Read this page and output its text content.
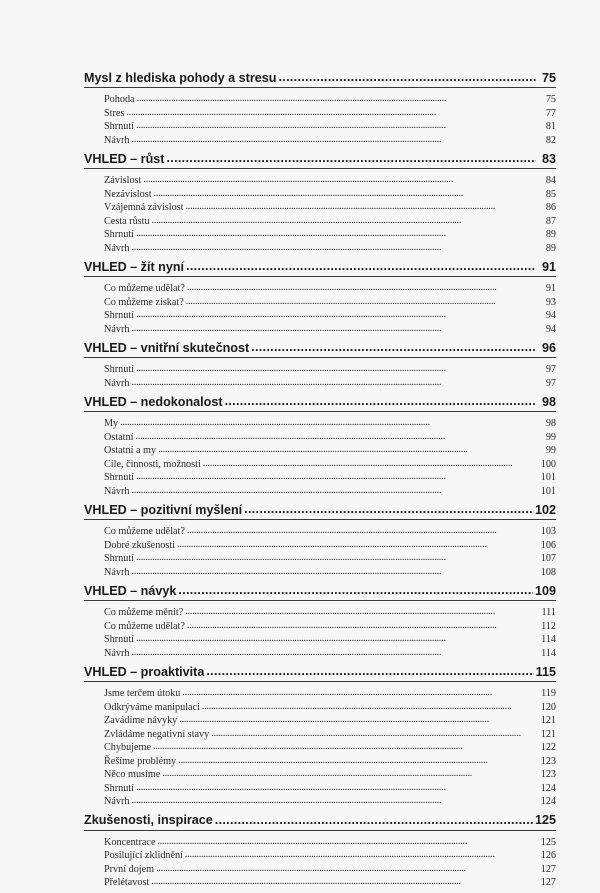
Mysl z hlediska pohody a stresu . . .	75
Pohoda . . .	75
Stres . . .	77
Shrnutí . . .	81
Návrh . . .	82
VHLED – růst . . .	83
Závislost . . .	84
Nezávislost . . .	85
Vzájemná závislost . . .	86
Cesta růstu . . .	87
Shrnutí . . .	89
Návrh . . .	89
VHLED – žít nyní . . .	91
Co můžeme udělat? . . .	91
Co můžeme získat? . . .	93
Shrnutí . . .	94
Návrh . . .	94
VHLED – vnitřní skutečnost . . .	96
Shrnutí . . .	97
Návrh . . .	97
VHLED – nedokonalost . . .	98
My . . .	98
Ostatní . . .	99
Ostatní a my . . .	99
Cíle, činnosti, možnosti . . .	100
Shrnutí . . .	101
Návrh . . .	101
VHLED – pozitivní myšlení . . .	102
Co můžeme udělat? . . .	103
Dobré zkušenosti . . .	106
Shrnutí . . .	107
Návrh . . .	108
VHLED – návyk . . .	109
Co můžeme měnit? . . .	111
Co můžeme udělat? . . .	112
Shrnutí . . .	114
Návrh . . .	114
VHLED – proaktivita . . .	115
Jsme terčem útoku . . .	119
Odkrýváme manipulaci . . .	120
Zavádíme návyky . . .	121
Zvládáme negativní stavy . . .	121
Chybujeme . . .	122
Řešíme problémy . . .	123
Něco musíme . . .	123
Shrnutí . . .	124
Návrh . . .	124
Zkušenosti, inspirace . . .	125
Koncentrace . . .	125
Posilující zklidnění . . .	126
První dojem . . .	127
Přelétavost . . .	127
